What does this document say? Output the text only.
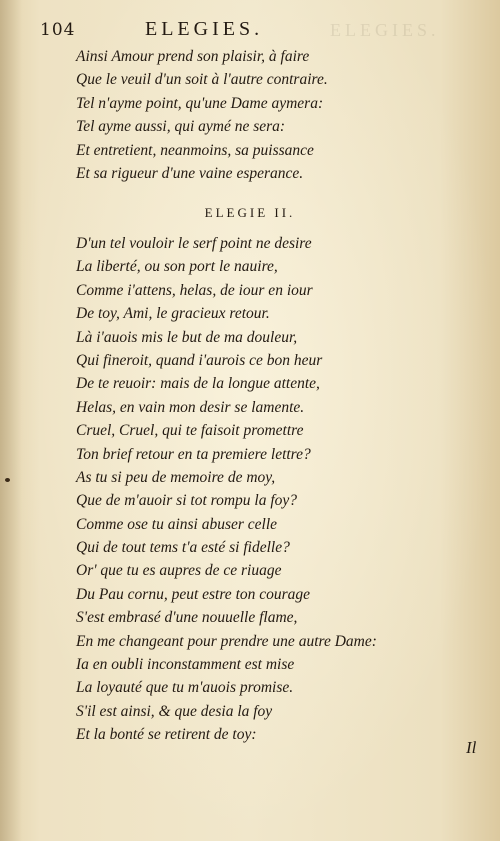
104	ELEGIES.	ELEGIES.
Ainsi Amour prend son plaisir, à faire
Que le veuil d'un soit à l'autre contraire.
Tel n'ayme point, qu'une Dame aymera:
Tel ayme aussi, qui aymé ne sera:
Et entretient, neanmoins, sa puissance
Et sa rigueur d'une vaine esperance.
ELEGIE II.
D'un tel vouloir le serf point ne desire
La liberté, ou son port le nauire,
Comme i'attens, helas, de iour en iour
De toy, Ami, le gracieux retour.
Là i'auois mis le but de ma douleur,
Qui fineroit, quand i'aurois ce bon heur
De te reuoir: mais de la longue attente,
Helas, en vain mon desir se lamente.
Cruel, Cruel, qui te faisoit promettre
Ton brief retour en ta premiere lettre?
As tu si peu de memoire de moy,
Que de m'auoir si tot rompu la foy?
Comme ose tu ainsi abuser celle
Qui de tout tems t'a esté si fidelle?
Or' que tu es aupres de ce riuage
Du Pau cornu, peut estre ton courage
S'est embrasé d'une nouuelle flame,
En me changeant pour prendre une autre Dame:
Ia en oubli inconstamment est mise
La loyauté que tu m'auois promise.
S'il est ainsi, & que desia la foy
Et la bonté se retirent de toy:
Il
